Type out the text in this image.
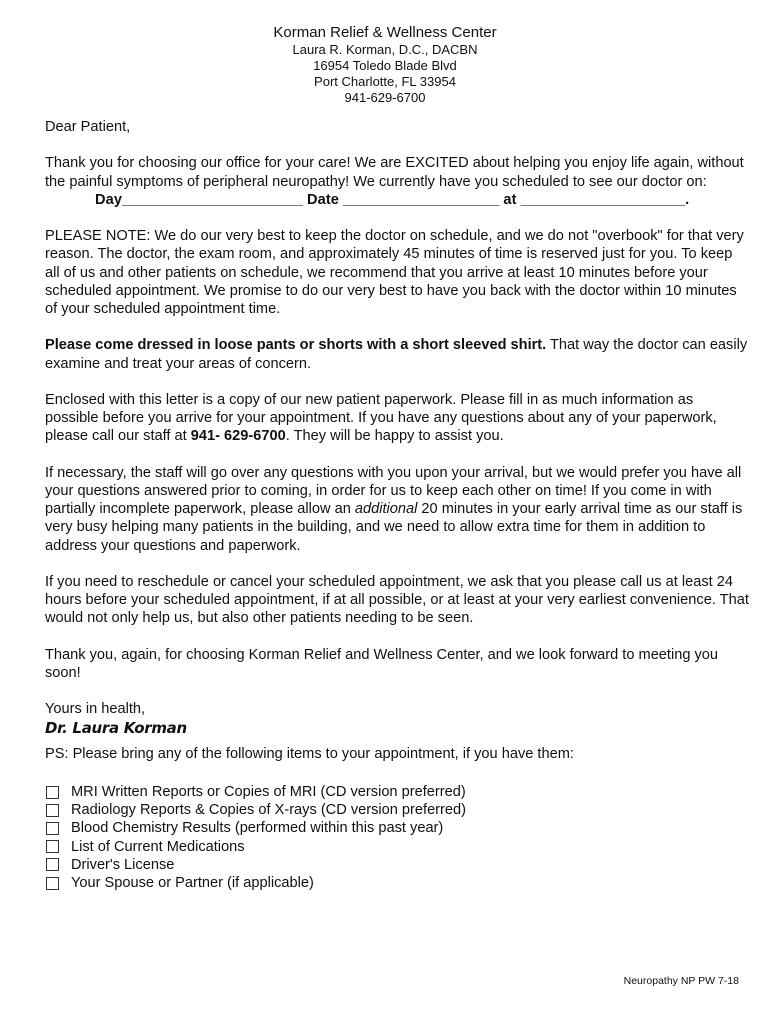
Korman Relief & Wellness Center
Laura R. Korman, D.C., DACBN
16954 Toledo Blade Blvd
Port Charlotte, FL 33954
941-629-6700

Dear Patient,

Thank you for choosing our office for your care! We are EXCITED about helping you enjoy life again, without the painful symptoms of peripheral neuropathy! We currently have you scheduled to see our doctor on:

Day______________________ Date ___________________ at ____________________.

PLEASE NOTE: We do our very best to keep the doctor on schedule, and we do not "overbook" for that very reason. The doctor, the exam room, and approximately 45 minutes of time is reserved just for you. To keep all of us and other patients on schedule, we recommend that you arrive at least 10 minutes before your scheduled appointment. We promise to do our very best to have you back with the doctor within 10 minutes of your scheduled appointment time.

Please come dressed in loose pants or shorts with a short sleeved shirt. That way the doctor can easily examine and treat your areas of concern.

Enclosed with this letter is a copy of our new patient paperwork. Please fill in as much information as possible before you arrive for your appointment. If you have any questions about any of your paperwork, please call our staff at 941- 629-6700. They will be happy to assist you.

If necessary, the staff will go over any questions with you upon your arrival, but we would prefer you have all your questions answered prior to coming, in order for us to keep each other on time! If you come in with partially incomplete paperwork, please allow an additional 20 minutes in your early arrival time as our staff is very busy helping many patients in the building, and we need to allow extra time for them in addition to address your questions and paperwork.

If you need to reschedule or cancel your scheduled appointment, we ask that you please call us at least 24 hours before your scheduled appointment, if at all possible, or at least at your very earliest convenience. That would not only help us, but also other patients needing to be seen.

Thank you, again, for choosing Korman Relief and Wellness Center, and we look forward to meeting you soon!

Yours in health,

Dr. Laura Korman

PS: Please bring any of the following items to your appointment, if you have them:

MRI Written Reports or Copies of MRI (CD version preferred)
Radiology Reports & Copies of X-rays (CD version preferred)
Blood Chemistry Results (performed within this past year)
List of Current Medications
Driver's License
Your Spouse or Partner (if applicable)
Neuropathy NP PW 7-18
